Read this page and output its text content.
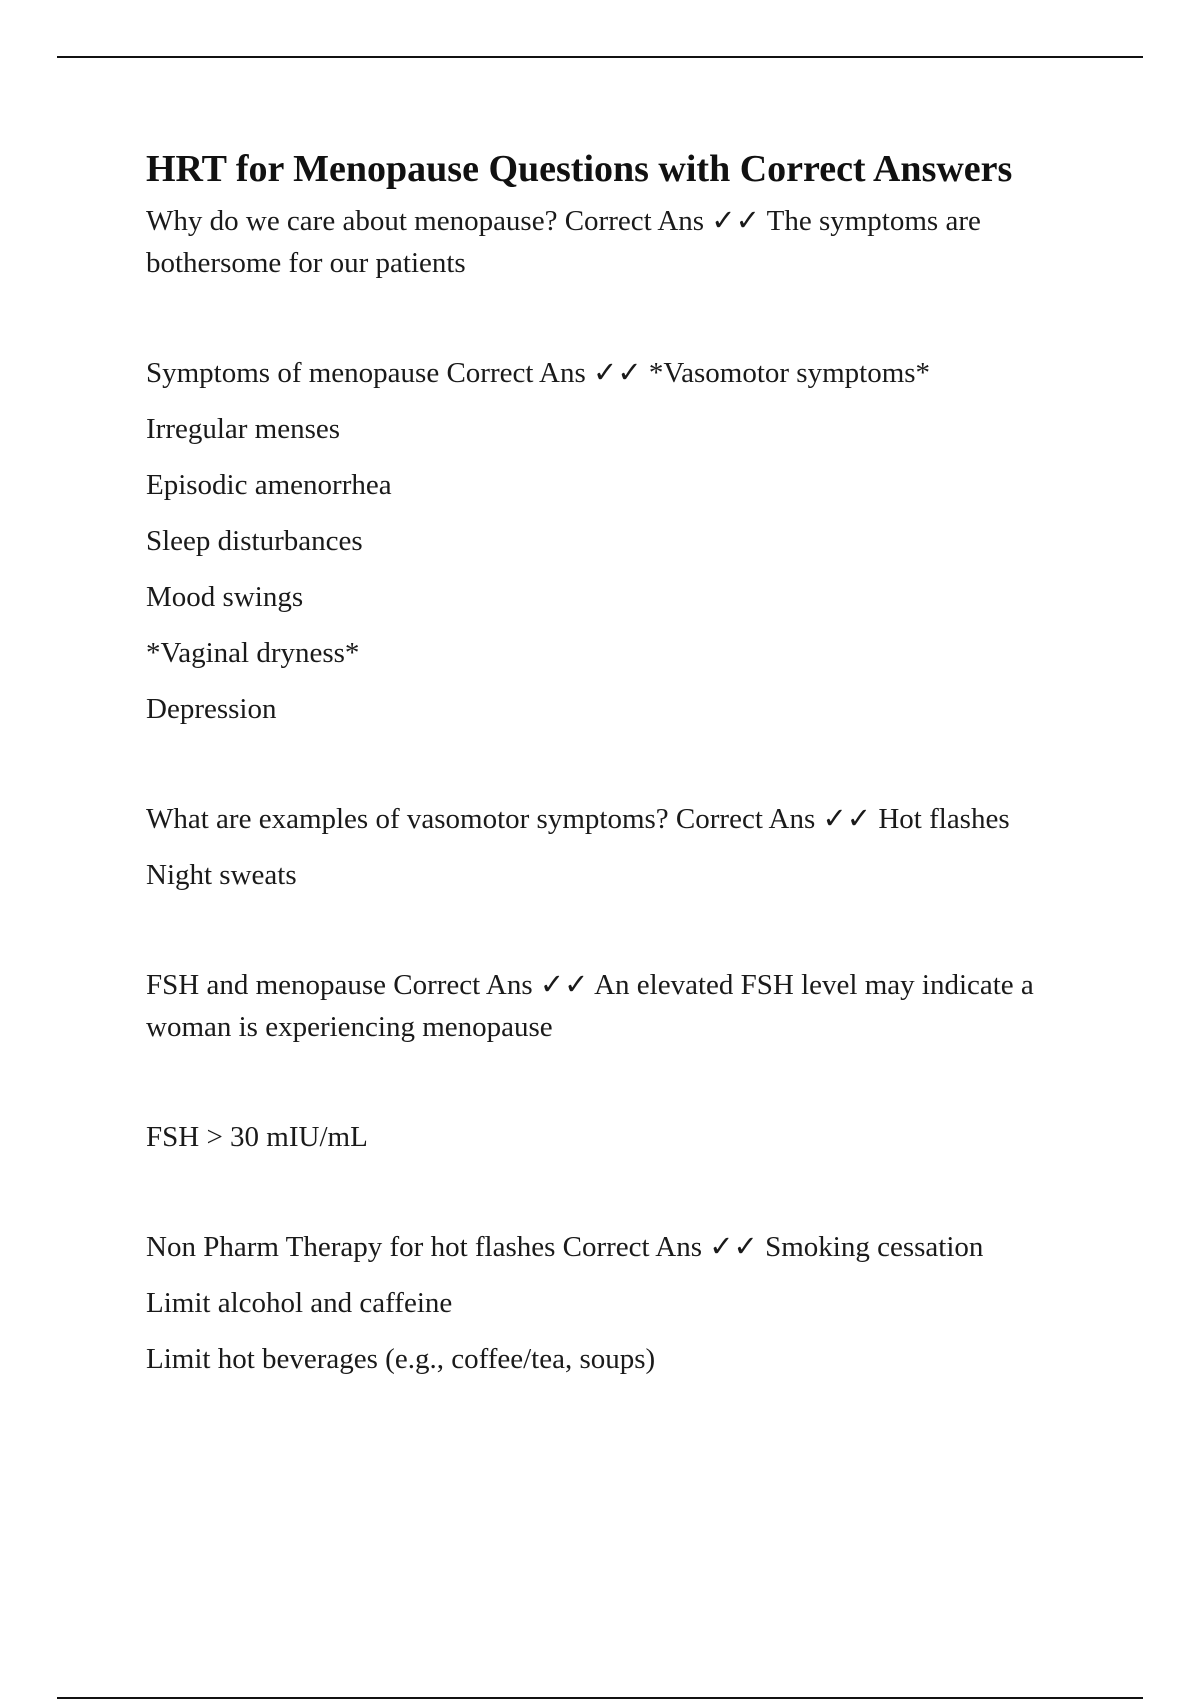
HRT for Menopause Questions with Correct Answers

Why do we care about menopause? Correct Ans ✓✓ The symptoms are bothersome for our patients

Symptoms of menopause Correct Ans ✓✓ *Vasomotor symptoms*

Irregular menses
Episodic amenorrhea
Sleep disturbances
Mood swings
*Vaginal dryness*
Depression

What are examples of vasomotor symptoms? Correct Ans ✓✓ Hot flashes

Night sweats

FSH and menopause Correct Ans ✓✓ An elevated FSH level may indicate a woman is experiencing menopause

FSH > 30 mIU/mL

Non Pharm Therapy for hot flashes Correct Ans ✓✓ Smoking cessation

Limit alcohol and caffeine
Limit hot beverages (e.g., coffee/tea, soups)
